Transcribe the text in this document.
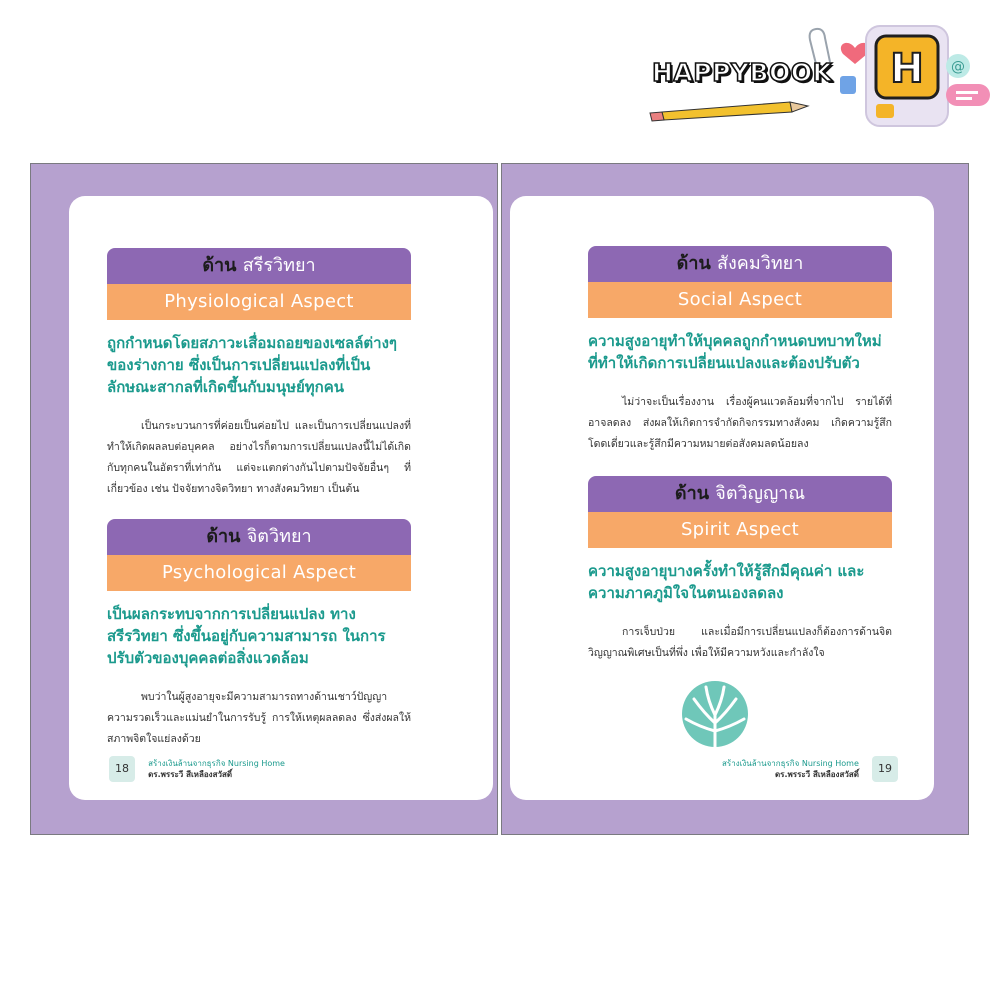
H @
HAPPYBOOK
ด้าน สรีรวิทยา
Physiological Aspect
ถูกกำหนดโดยสภาวะเสื่อมถอยของเซลล์ต่างๆ ของร่างกาย ซึ่งเป็นการเปลี่ยนแปลงที่เป็นลักษณะสากลที่เกิดขึ้นกับมนุษย์ทุกคน
เป็นกระบวนการที่ค่อยเป็นค่อยไป และเป็นการเปลี่ยนแปลงที่ทำให้เกิดผลลบต่อบุคคล อย่างไรก็ตามการเปลี่ยนแปลงนี้ไม่ได้เกิดกับทุกคนในอัตราที่เท่ากัน แต่จะแตกต่างกันไปตามปัจจัยอื่นๆ ที่เกี่ยวข้อง เช่น ปัจจัยทางจิตวิทยา ทางสังคมวิทยา เป็นต้น
ด้าน จิตวิทยา
Psychological Aspect
เป็นผลกระทบจากการเปลี่ยนแปลง ทางสรีรวิทยา ซึ่งขึ้นอยู่กับความสามารถ ในการปรับตัวของบุคคลต่อสิ่งแวดล้อม
พบว่าในผู้สูงอายุจะมีความสามารถทางด้านเชาว์ปัญญา ความรวดเร็วและแม่นยำในการรับรู้ การให้เหตุผลลดลง ซึ่งส่งผลให้สภาพจิตใจแย่ลงด้วย
18 สร้างเงินล้านจากธุรกิจ Nursing Home
ดร.พรระวี สีเหลืองสวัสดิ์
ด้าน สังคมวิทยา
Social Aspect
ความสูงอายุทำให้บุคคลถูกกำหนดบทบาทใหม่ ที่ทำให้เกิดการเปลี่ยนแปลงและต้องปรับตัว
ไม่ว่าจะเป็นเรื่องงาน เรื่องผู้คนแวดล้อมที่จากไป รายได้ที่อาจลดลง ส่งผลให้เกิดการจำกัดกิจกรรมทางสังคม เกิดความรู้สึกโดดเดี่ยวและรู้สึกมีความหมายต่อสังคมลดน้อยลง
ด้าน จิตวิญญาณ
Spirit Aspect
ความสูงอายุบางครั้งทำให้รู้สึกมีคุณค่า และความภาคภูมิใจในตนเองลดลง
การเจ็บป่วย และเมื่อมีการเปลี่ยนแปลงก็ต้องการด้านจิตวิญญาณพิเศษเป็นที่พึ่ง เพื่อให้มีความหวังและกำลังใจ
สร้างเงินล้านจากธุรกิจ Nursing Home
ดร.พรระวี สีเหลืองสวัสดิ์ 19
